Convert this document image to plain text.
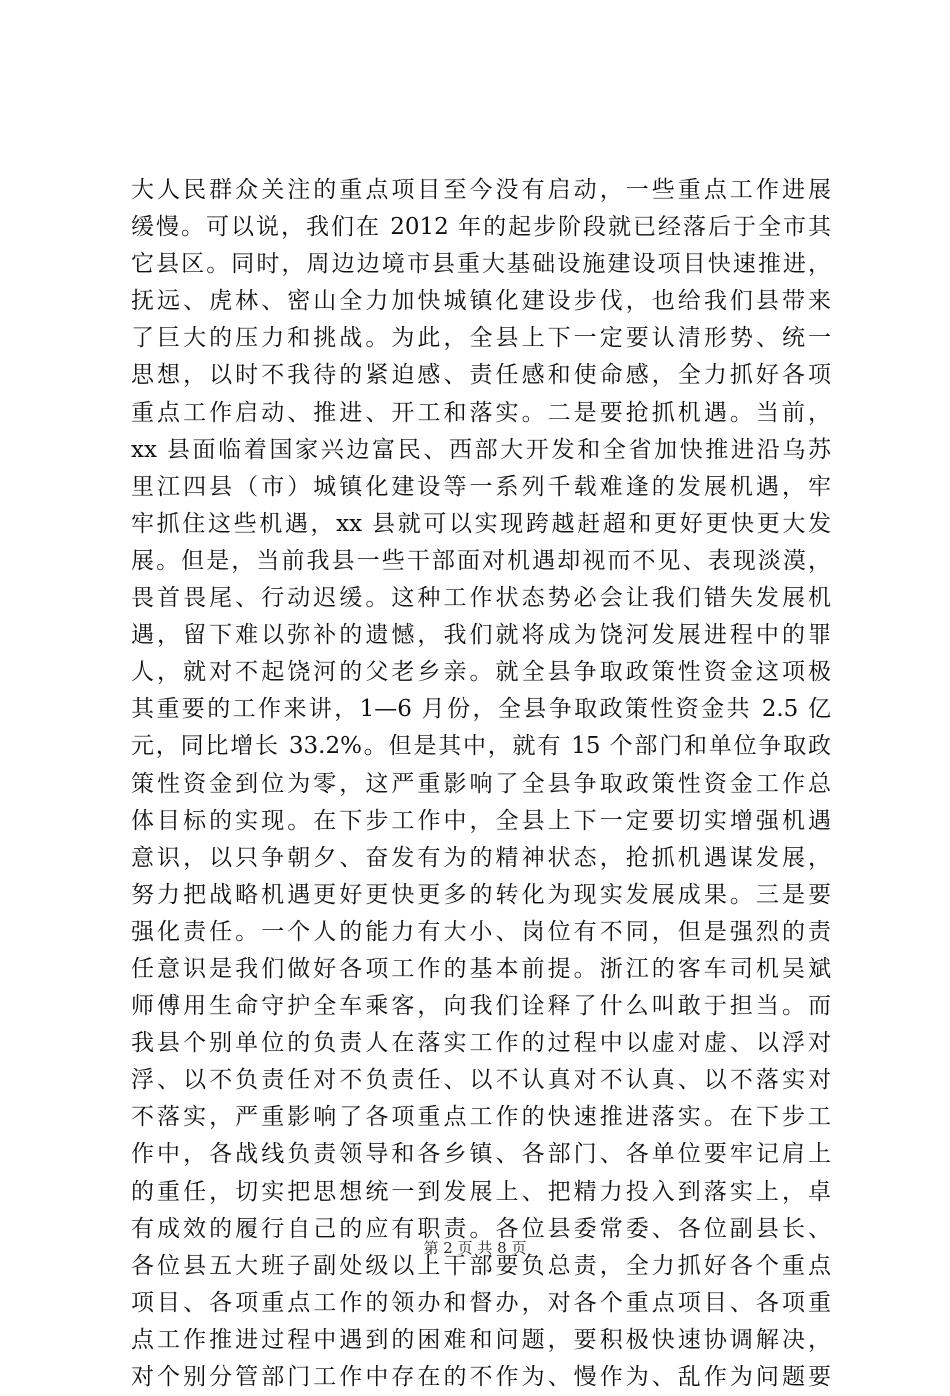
大人民群众关注的重点项目至今没有启动，一些重点工作进展
缓慢。可以说，我们在 2012 年的起步阶段就已经落后于全市其
它县区。同时，周边边境市县重大基础设施建设项目快速推进，
抚远、虎林、密山全力加快城镇化建设步伐，也给我们县带来
了巨大的压力和挑战。为此，全县上下一定要认清形势、统一
思想，以时不我待的紧迫感、责任感和使命感，全力抓好各项
重点工作启动、推进、开工和落实。二是要抢抓机遇。当前，
xx 县面临着国家兴边富民、西部大开发和全省加快推进沿乌苏
里江四县（市）城镇化建设等一系列千载难逢的发展机遇，牢
牢抓住这些机遇，xx 县就可以实现跨越赶超和更好更快更大发
展。但是，当前我县一些干部面对机遇却视而不见、表现淡漠，
畏首畏尾、行动迟缓。这种工作状态势必会让我们错失发展机
遇，留下难以弥补的遗憾，我们就将成为饶河发展进程中的罪
人，就对不起饶河的父老乡亲。就全县争取政策性资金这项极
其重要的工作来讲，1—6 月份，全县争取政策性资金共 2.5 亿
元，同比增长 33.2%。但是其中，就有 15 个部门和单位争取政
策性资金到位为零，这严重影响了全县争取政策性资金工作总
体目标的实现。在下步工作中，全县上下一定要切实增强机遇
意识，以只争朝夕、奋发有为的精神状态，抢抓机遇谋发展，
努力把战略机遇更好更快更多的转化为现实发展成果。三是要
强化责任。一个人的能力有大小、岗位有不同，但是强烈的责
任意识是我们做好各项工作的基本前提。浙江的客车司机吴斌
师傅用生命守护全车乘客，向我们诠释了什么叫敢于担当。而
我县个别单位的负责人在落实工作的过程中以虚对虚、以浮对
浮、以不负责任对不负责任、以不认真对不认真、以不落实对
不落实，严重影响了各项重点工作的快速推进落实。在下步工
作中，各战线负责领导和各乡镇、各部门、各单位要牢记肩上
的重任，切实把思想统一到发展上、把精力投入到落实上，卓
有成效的履行自己的应有职责。各位县委常委、各位副县长、
各位县五大班子副处级以上干部要负总责，全力抓好各个重点
项目、各项重点工作的领办和督办，对各个重点项目、各项重
点工作推进过程中遇到的困难和问题，要积极快速协调解决，
对个别分管部门工作中存在的不作为、慢作为、乱作为问题要
第 2 页 共 8 页
